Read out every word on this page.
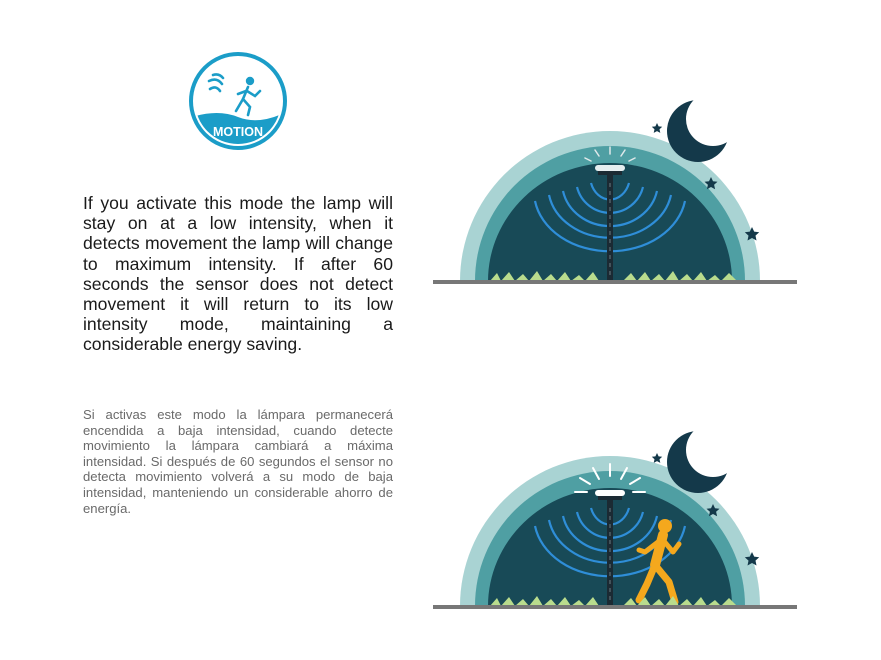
MOTION

If you activate this mode the lamp will stay on at a low intensity, when it detects movement the lamp will change to maximum intensity. If after 60 seconds the sensor does not detect movement it will return to its low intensity mode, maintaining a considerable energy saving.

Si activas este modo la lámpara permanecerá encendida a baja intensidad, cuando detecte movimiento la lámpara cambiará a máxima intensidad. Si después de 60 segundos el sensor no detecta movimiento volverá a su modo de baja intensidad, manteniendo un considerable ahorro de energía.
